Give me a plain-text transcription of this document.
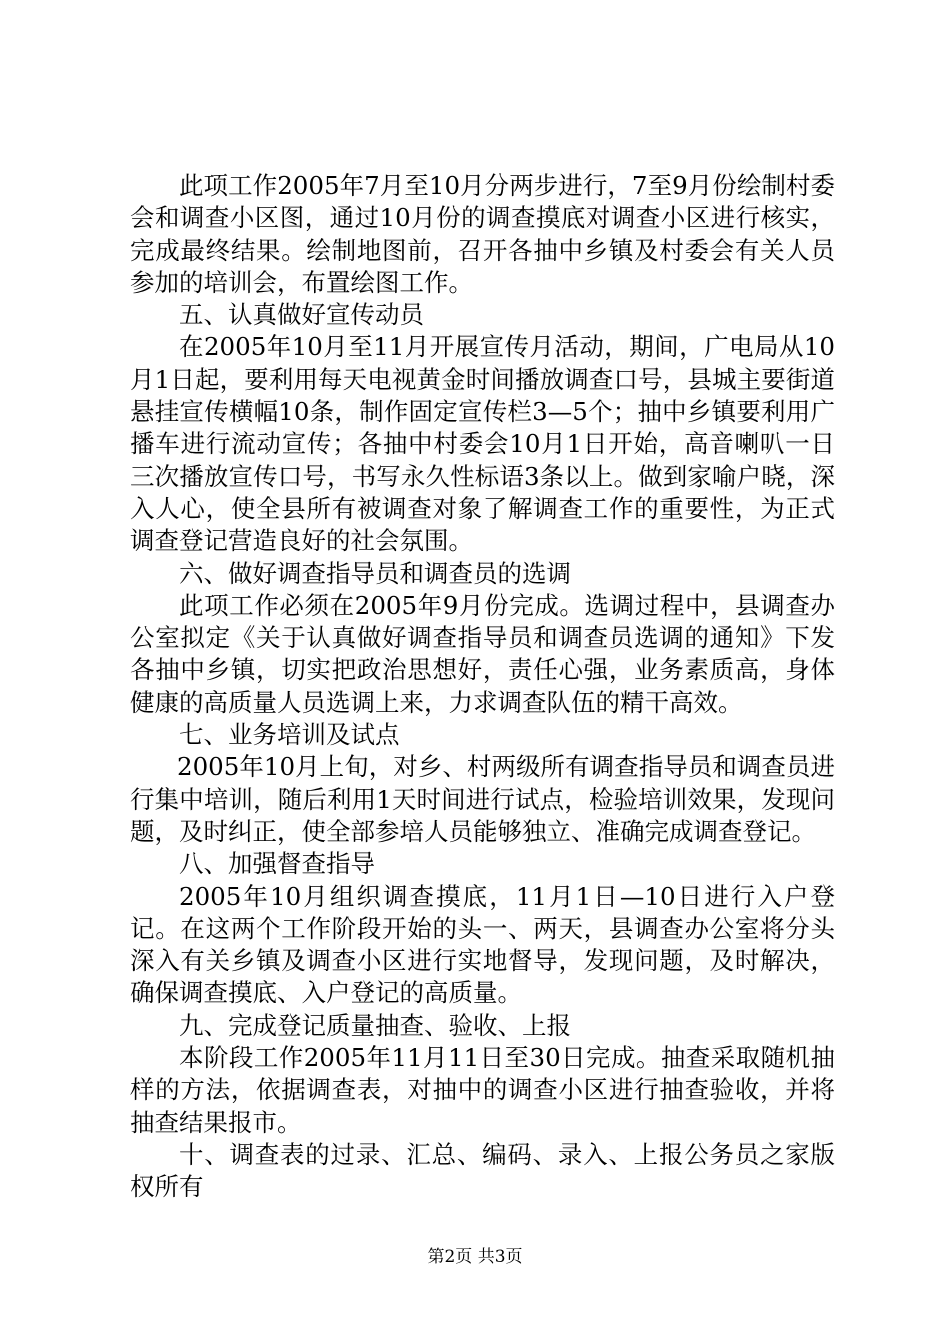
此项工作2005年7月至10月分两步进行，7至9月份绘制村委会和调查小区图，通过10月份的调查摸底对调查小区进行核实，完成最终结果。绘制地图前，召开各抽中乡镇及村委会有关人员参加的培训会，布置绘图工作。

五、认真做好宣传动员

在2005年10月至11月开展宣传月活动，期间，广电局从10月1日起，要利用每天电视黄金时间播放调查口号，县城主要街道悬挂宣传横幅10条，制作固定宣传栏3—5个；抽中乡镇要利用广播车进行流动宣传；各抽中村委会10月1日开始，高音喇叭一日三次播放宣传口号，书写永久性标语3条以上。做到家喻户晓，深入人心，使全县所有被调查对象了解调查工作的重要性，为正式调查登记营造良好的社会氛围。

六、做好调查指导员和调查员的选调

此项工作必须在2005年9月份完成。选调过程中，县调查办公室拟定《关于认真做好调查指导员和调查员选调的通知》下发各抽中乡镇，切实把政治思想好，责任心强，业务素质高，身体健康的高质量人员选调上来，力求调查队伍的精干高效。

七、业务培训及试点

2005年10月上旬，对乡、村两级所有调查指导员和调查员进行集中培训，随后利用1天时间进行试点，检验培训效果，发现问题，及时纠正，使全部参培人员能够独立、准确完成调查登记。

八、加强督查指导

2005年10月组织调查摸底，11月1日—10日进行入户登记。在这两个工作阶段开始的头一、两天，县调查办公室将分头深入有关乡镇及调查小区进行实地督导，发现问题，及时解决，确保调查摸底、入户登记的高质量。

九、完成登记质量抽查、验收、上报

本阶段工作2005年11月11日至30日完成。抽查采取随机抽样的方法，依据调查表，对抽中的调查小区进行抽查验收，并将抽查结果报市。

十、调查表的过录、汇总、编码、录入、上报公务员之家版权所有

第2页 共3页
